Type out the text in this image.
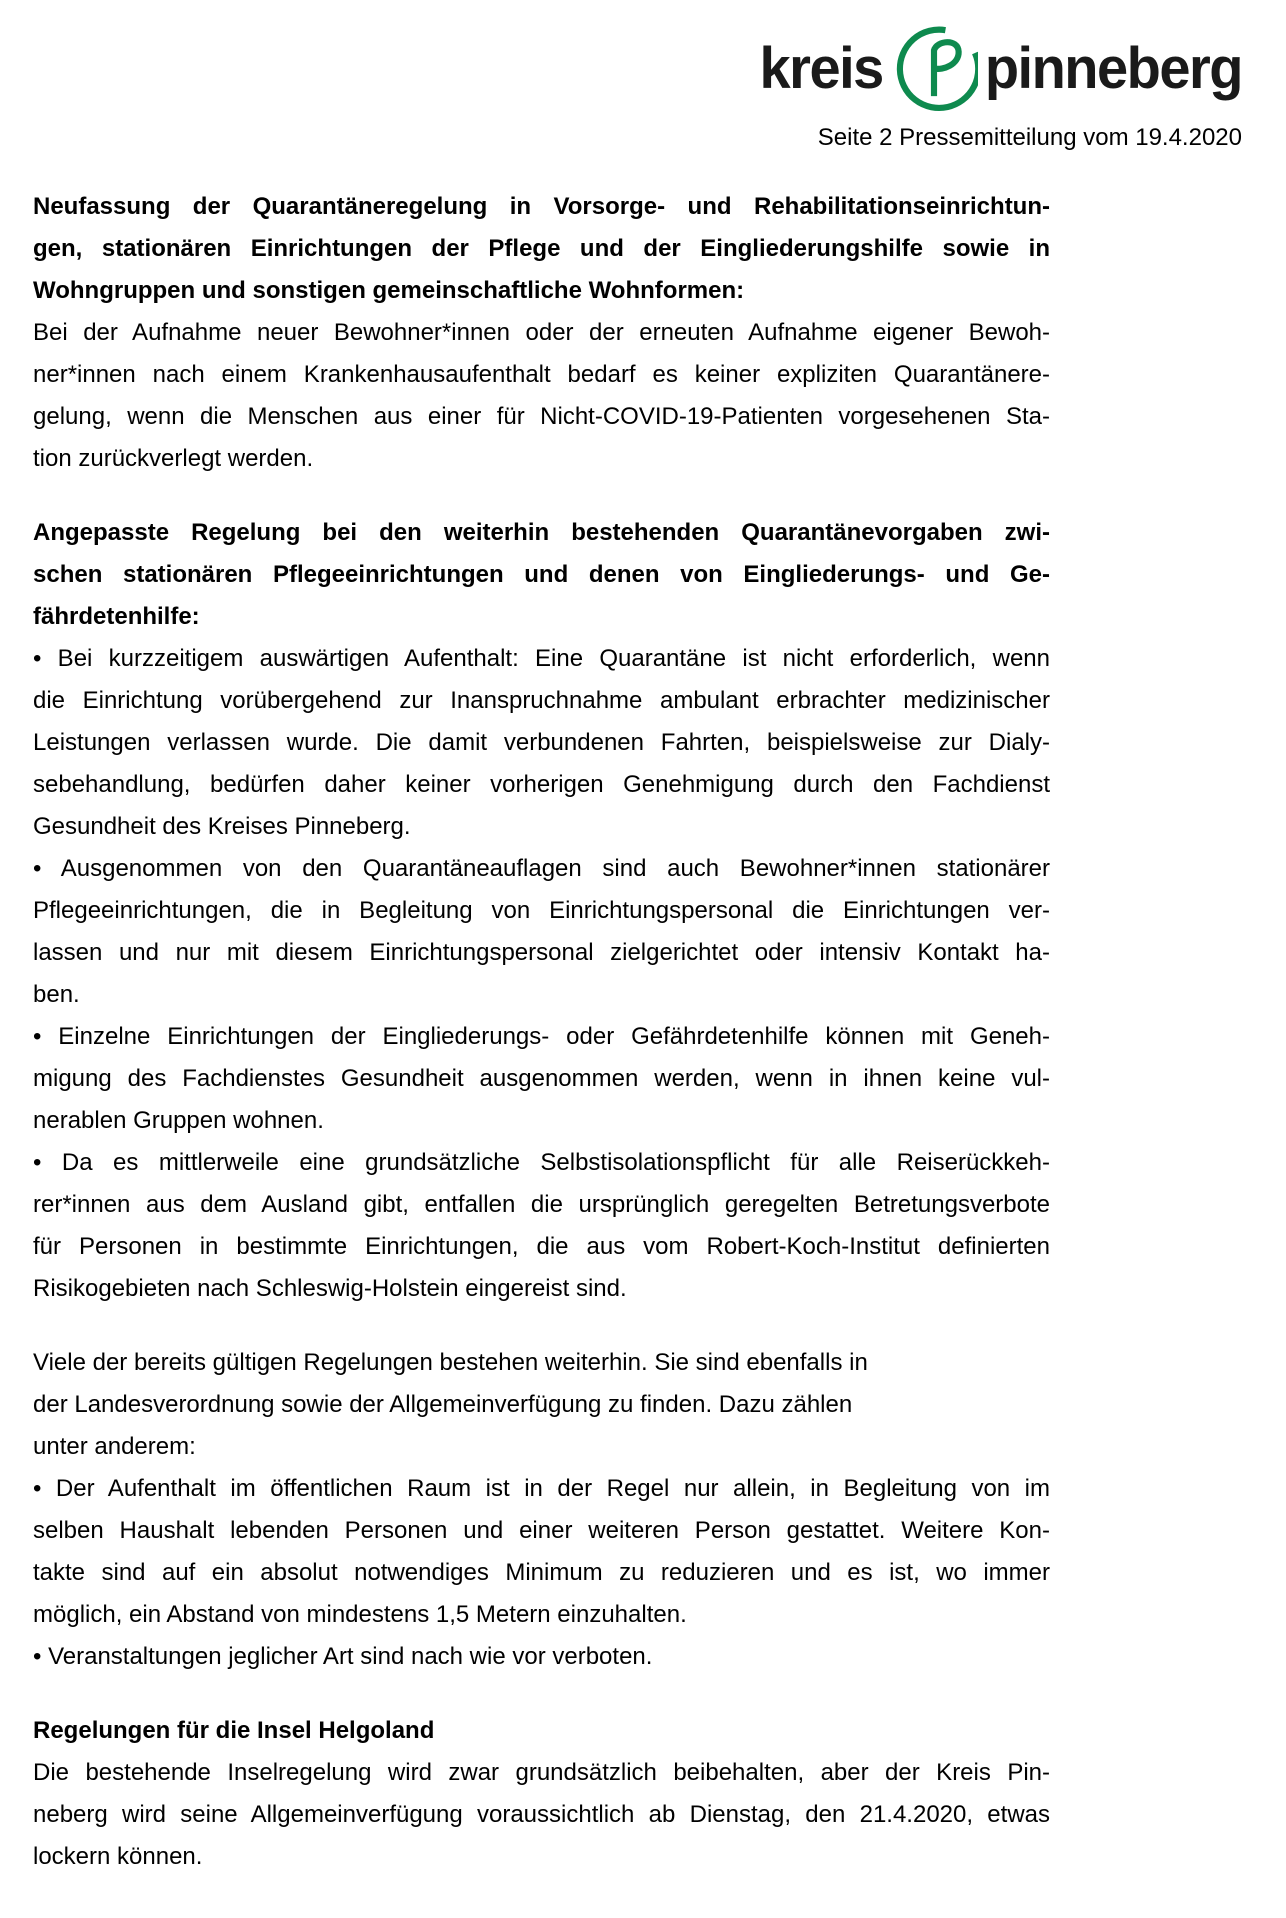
kreis pinneberg
Seite 2 Pressemitteilung vom 19.4.2020
Neufassung der Quarantäneregelung in Vorsorge- und Rehabilitationseinrichtun-
gen, stationären Einrichtungen der Pflege und der Eingliederungshilfe sowie in
Wohngruppen und sonstigen gemeinschaftliche Wohnformen:
Bei der Aufnahme neuer Bewohner*innen oder der erneuten Aufnahme eigener Bewoh-
ner*innen nach einem Krankenhausaufenthalt bedarf es keiner expliziten Quarantänere-
gelung, wenn die Menschen aus einer für Nicht-COVID-19-Patienten vorgesehenen Sta-
tion zurückverlegt werden.
Angepasste Regelung bei den weiterhin bestehenden Quarantänevorgaben zwi-
schen stationären Pflegeeinrichtungen und denen von Eingliederungs- und Ge-
fährdetenhilfe:
• Bei kurzzeitigem auswärtigen Aufenthalt: Eine Quarantäne ist nicht erforderlich, wenn
die Einrichtung vorübergehend zur Inanspruchnahme ambulant erbrachter medizinischer
Leistungen verlassen wurde. Die damit verbundenen Fahrten, beispielsweise zur Dialy-
sebehandlung, bedürfen daher keiner vorherigen Genehmigung durch den Fachdienst
Gesundheit des Kreises Pinneberg.
• Ausgenommen von den Quarantäneauflagen sind auch Bewohner*innen stationärer
Pflegeeinrichtungen, die in Begleitung von Einrichtungspersonal die Einrichtungen ver-
lassen und nur mit diesem Einrichtungspersonal zielgerichtet oder intensiv Kontakt ha-
ben.
• Einzelne Einrichtungen der Eingliederungs- oder Gefährdetenhilfe können mit Geneh-
migung des Fachdienstes Gesundheit ausgenommen werden, wenn in ihnen keine vul-
nerablen Gruppen wohnen.
• Da es mittlerweile eine grundsätzliche Selbstisolationspflicht für alle Reiserückkeh-
rer*innen aus dem Ausland gibt, entfallen die ursprünglich geregelten Betretungsverbote
für Personen in bestimmte Einrichtungen, die aus vom Robert-Koch-Institut definierten
Risikogebieten nach Schleswig-Holstein eingereist sind.
Viele der bereits gültigen Regelungen bestehen weiterhin. Sie sind ebenfalls in
der Landesverordnung sowie der Allgemeinverfügung zu finden. Dazu zählen
unter anderem:
• Der Aufenthalt im öffentlichen Raum ist in der Regel nur allein, in Begleitung von im
selben Haushalt lebenden Personen und einer weiteren Person gestattet. Weitere Kon-
takte sind auf ein absolut notwendiges Minimum zu reduzieren und es ist, wo immer
möglich, ein Abstand von mindestens 1,5 Metern einzuhalten.
• Veranstaltungen jeglicher Art sind nach wie vor verboten.
Regelungen für die Insel Helgoland
Die bestehende Inselregelung wird zwar grundsätzlich beibehalten, aber der Kreis Pin-
neberg wird seine Allgemeinverfügung voraussichtlich ab Dienstag, den 21.4.2020, etwas
lockern können.
